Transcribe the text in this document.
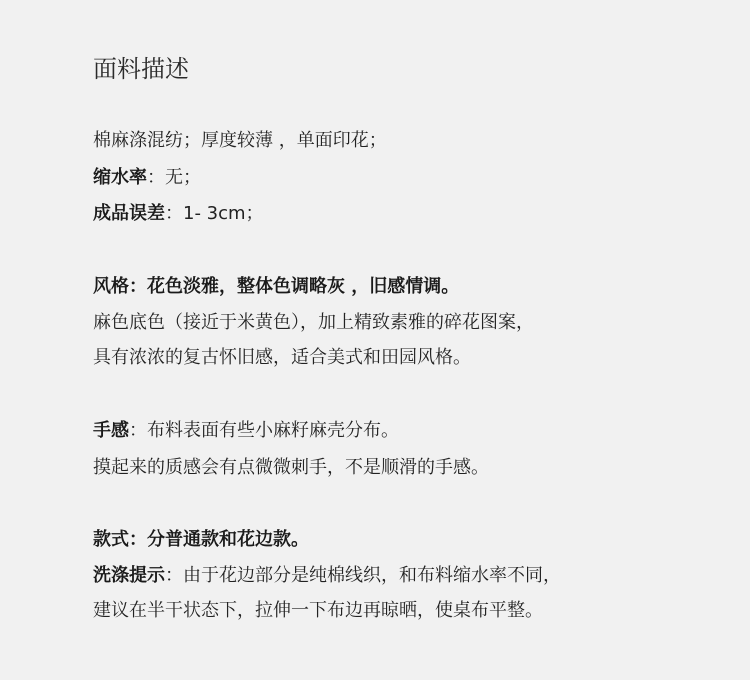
面料描述
棉麻涤混纺；厚度较薄 ，单面印花；
缩水率：无；
成品误差：1- 3cm；
风格：花色淡雅，整体色调略灰 ，旧感情调。
麻色底色（接近于米黄色），加上精致素雅的碎花图案，
具有浓浓的复古怀旧感，适合美式和田园风格。
手感：布料表面有些小麻籽麻壳分布。
摸起来的质感会有点微微刺手，不是顺滑的手感。
款式：分普通款和花边款。
洗涤提示：由于花边部分是纯棉线织，和布料缩水率不同，
建议在半干状态下，拉伸一下布边再晾晒，使桌布平整。
